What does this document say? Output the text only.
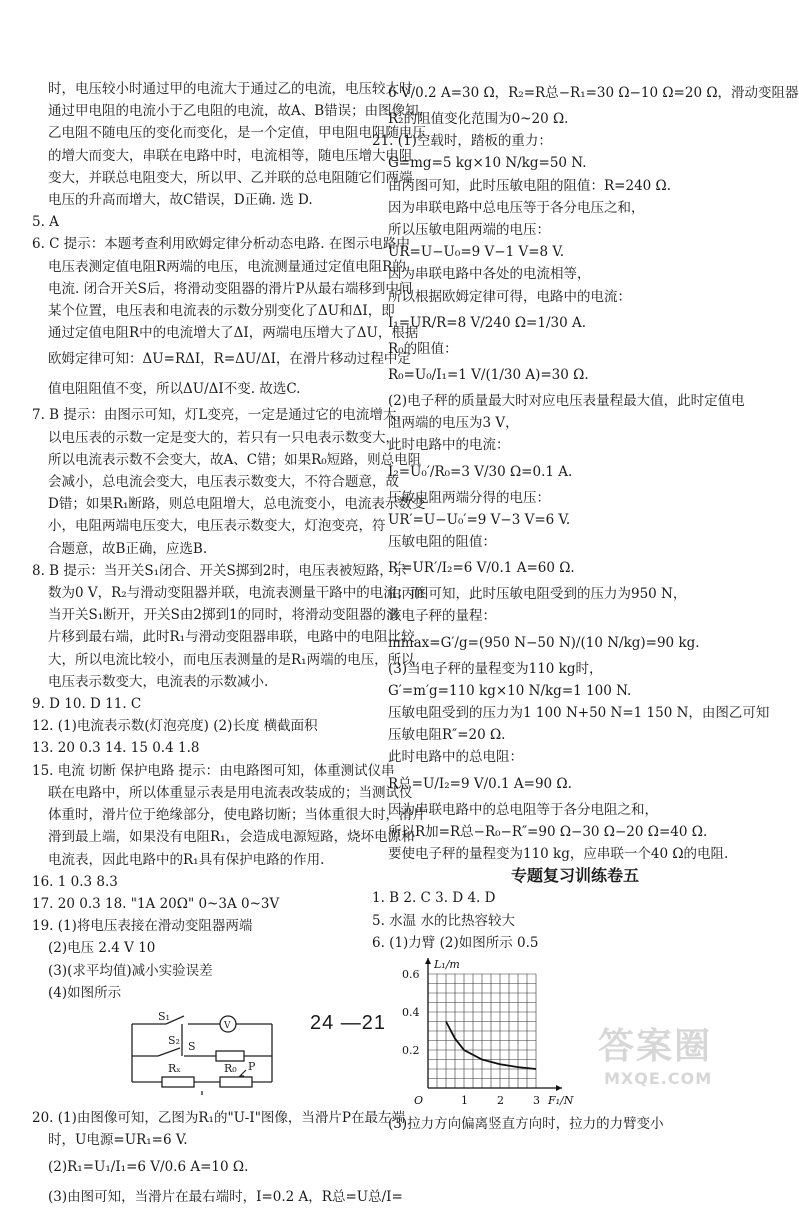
时，电压较小时通过甲的电流大于通过乙的电流，电压较大时
通过甲电阻的电流小于乙电阻的电流，故A、B错误；由图像知，
乙电阻不随电压的变化而变化，是一个定值，甲电阻电阻随电压
的增大而变大，串联在电路中时，电流相等，随电压增大电阻
变大，并联总电阻变大，所以甲、乙并联的总电阻随它们两端
电压的升高而增大，故C错误，D正确. 选 D.
5. A
6. C 提示：本题考查利用欧姆定律分析动态电路. 在图示电路中
电压表测定值电阻R两端的电压，电流测量通过定值电阻R的
电流. 闭合开关S后，将滑动变阻器的滑片P从最右端移到中间
某个位置，电压表和电流表的示数分别变化了ΔU和ΔI，即
通过定值电阻R中的电流增大了ΔI，两端电压增大了ΔU，根据
欧姆定律可知：ΔU=RΔI，R=ΔU/ΔI，在滑片移动过程中定
值电阻阻值不变，所以ΔU/ΔI不变. 故选C.
7. B 提示：由图示可知，灯L变亮，一定是通过它的电流增大，
以电压表的示数一定是变大的，若只有一只电表示数变大，
所以电流表示数不会变大，故A、C错；如果R₀短路，则总电阻
会减小，总电流会变大，电压表示数变大，不符合题意，故
D错；如果R₁断路，则总电阻增大，总电流变小，电流表示数变
小，电阻两端电压变大，电压表示数变大，灯泡变亮，符
合题意，故B正确，应选B.
8. B 提示：当开关S₁闭合、开关S掷到2时，电压表被短路，示
数为0 V，R₂与滑动变阻器并联，电流表测量干路中的电流；而
当开关S₁断开，开关S由2掷到1的同时，将滑动变阻器的滑
片移到最右端，此时R₁与滑动变阻器串联，电路中的电阻比较
大，所以电流比较小，而电压表测量的是R₁两端的电压，所以
电压表示数变大，电流表的示数减小.
9. D 10. D 11. C
12. (1)电流表示数(灯泡亮度) (2)长度 横截面积
13. 20 0.3 14. 15 0.4 1.8
15. 电流 切断 保护电路 提示：由电路图可知，体重测试仪串
联在电路中，所以体重显示表是用电流表改装成的；当测试仪
体重时，滑片位于绝缘部分，使电路切断；当体重很大时，滑片
滑到最上端，如果没有电阻R₁，会造成电源短路，烧坏电源和
电流表，因此电路中的R₁具有保护电路的作用.
16. 1 0.3 8.3
17. 20 0.3 18. "1A 20Ω" 0~3A 0~3V
19. (1)将电压表接在滑动变阻器两端
(2)电压 2.4 V 10
(3)(求平均值)减小实验误差
(4)如图所示
S₁
S₂
V
S
R₀
Rₓ	P
20. (1)由图像可知，乙图为R₁的"U-I"图像，当滑片P在最左端
时，U电源=UR₁=6 V.
(2)R₁=U₁/I₁=6 V/0.6 A=10 Ω.
(3)由图可知，当滑片在最右端时，I=0.2 A，R总=U总/I=
6 V/0.2 A=30 Ω，R₂=R总−R₁=30 Ω−10 Ω=20 Ω，滑动变阻器
R₂的阻值变化范围为0~20 Ω.
21. (1)空载时，踏板的重力：
G=mg=5 kg×10 N/kg=50 N.
由丙图可知，此时压敏电阻的阻值：R=240 Ω.
因为串联电路中总电压等于各分电压之和，
所以压敏电阻两端的电压：
UR=U−U₀=9 V−1 V=8 V.
因为串联电路中各处的电流相等，
所以根据欧姆定律可得，电路中的电流：
I₁=UR/R=8 V/240 Ω=1/30 A.
R₀的阻值：
R₀=U₀/I₁=1 V/(1/30 A)=30 Ω.
(2)电子秤的质量最大时对应电压表量程最大值，此时定值电
阻两端的电压为3 V，
此时电路中的电流：
I₂=U₀′/R₀=3 V/30 Ω=0.1 A.
压敏电阻两端分得的电压：
UR′=U−U₀′=9 V−3 V=6 V.
压敏电阻的阻值：
R′=UR′/I₂=6 V/0.1 A=60 Ω.
由丙图可知，此时压敏电阻受到的压力为950 N，
该电子秤的量程：
mmax=G′/g=(950 N−50 N)/(10 N/kg)=90 kg.
(3)当电子秤的量程变为110 kg时，
G′=m′g=110 kg×10 N/kg=1 100 N.
压敏电阻受到的压力为1 100 N+50 N=1 150 N，由图乙可知
压敏电阻R″=20 Ω.
此时电路中的总电阻：
R总=U/I₂=9 V/0.1 A=90 Ω.
因为串联电路中的总电阻等于各分电阻之和，
所以R加=R总−R₀−R″=90 Ω−30 Ω−20 Ω=40 Ω.
要使电子秤的量程变为110 kg，应串联一个40 Ω的电阻.
专题复习训练卷五
1. B 2. C 3. D 4. D
5. 水温 水的比热容较大
6. (1)力臂 (2)如图所示 0.5
0.6
0.4
0.2
1	2	3
O
L₁/m
F₁/N
(3)拉力方向偏离竖直方向时，拉力的力臂变小
24 —21
答案圈
MXQE.COM
